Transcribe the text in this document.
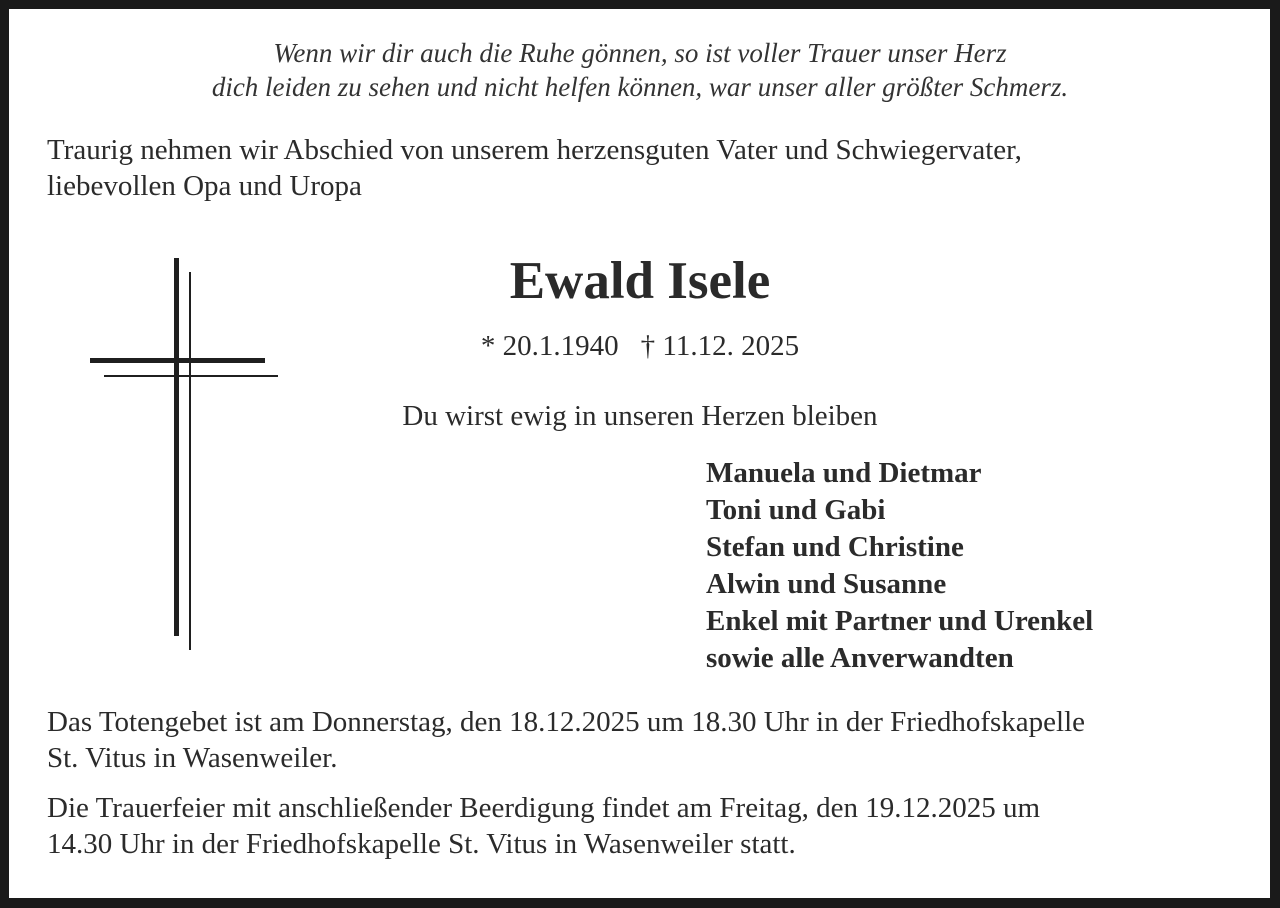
Wenn wir dir auch die Ruhe gönnen, so ist voller Trauer unser Herz
dich leiden zu sehen und nicht helfen können, war unser aller größter Schmerz.
Traurig nehmen wir Abschied von unserem herzensguten Vater und Schwiegervater,
liebevollen Opa und Uropa
Ewald Isele
* 20.1.1940 † 11.12. 2025
Du wirst ewig in unseren Herzen bleiben
Manuela und Dietmar
Toni und Gabi
Stefan und Christine
Alwin und Susanne
Enkel mit Partner und Urenkel
sowie alle Anverwandten
Das Totengebet ist am Donnerstag, den 18.12.2025 um 18.30 Uhr in der Friedhofskapelle
St. Vitus in Wasenweiler.
Die Trauerfeier mit anschließender Beerdigung findet am Freitag, den 19.12.2025 um
14.30 Uhr in der Friedhofskapelle St. Vitus in Wasenweiler statt.
